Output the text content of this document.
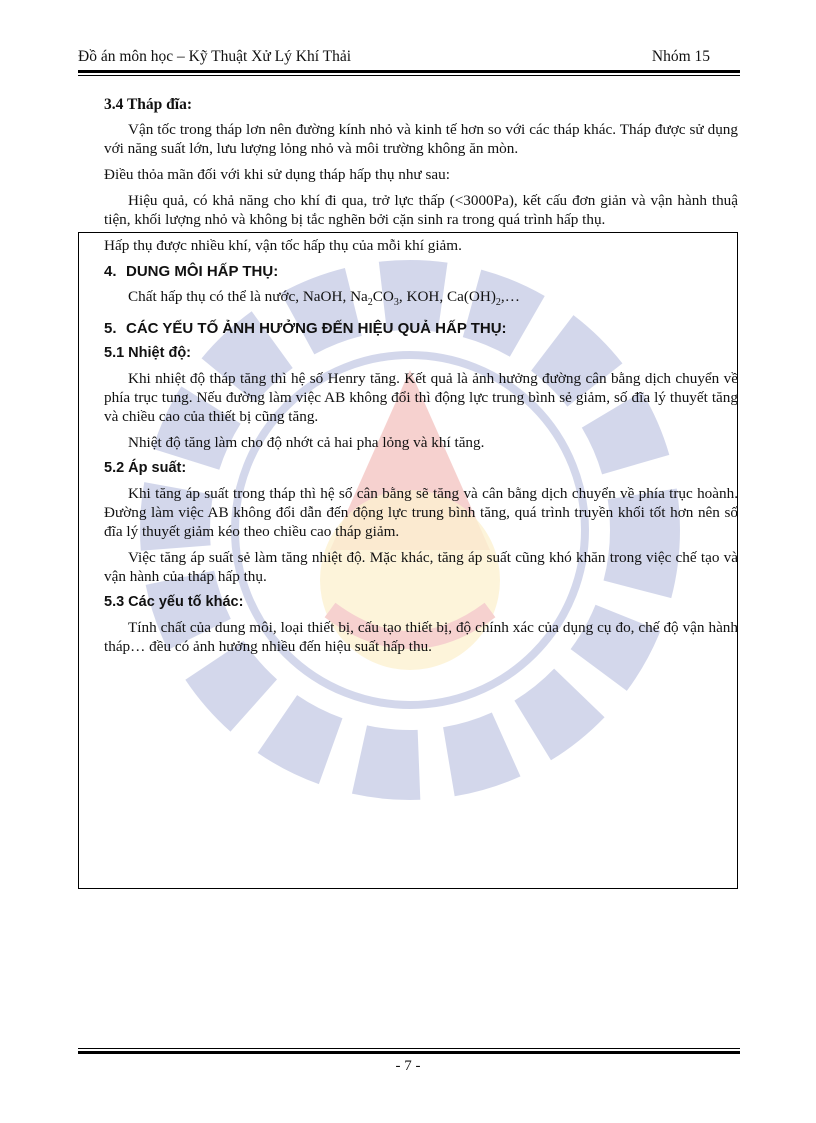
Đồ án môn học – Kỹ Thuật Xử Lý Khí Thải	Nhóm 15
3.4 Tháp đĩa:

Vận tốc trong tháp lơn nên đường kính nhỏ và kinh tế hơn so với các tháp khác. Tháp được sử dụng với năng suất lớn, lưu lượng lỏng nhỏ và môi trường không ăn mòn.

Điều thỏa mãn đối với khi sử dụng tháp hấp thụ như sau:

Hiệu quả, có khả năng cho khí đi qua, trở lực thấp (<3000Pa), kết cấu đơn giản và vận hành thuậ tiện, khối lượng nhỏ và không bị tắc nghẽn bởi cặn sinh ra trong quá trình hấp thụ.

Hấp thụ được nhiều khí, vận tốc hấp thụ của mỗi khí giảm.

4. DUNG MÔI HẤP THỤ:

Chất hấp thụ có thể là nước, NaOH, $Na_2CO_3$, KOH, $Ca(OH)_2,\dots$

5. CÁC YẾU TỐ ẢNH HƯỞNG ĐẾN HIỆU QUẢ HẤP THỤ:
5.1 Nhiệt độ:

Khi nhiệt độ tháp tăng thì hệ số Henry tăng. Kết quả là ảnh hưởng đường cân bằng dịch chuyển về phía trục tung. Nếu đường làm việc AB không đổi thì động lực trung bình sẻ giảm, số đĩa lý thuyết tăng và chiều cao của thiết bị cũng tăng.

Nhiệt độ tăng làm cho độ nhớt cả hai pha lỏng và khí tăng.

5.2 Áp suất:

Khi tăng áp suất trong tháp thì hệ số cân bằng sẽ tăng và cân bằng dịch chuyển về phía trục hoành. Đường làm việc AB không đổi dẫn đến động lực trung bình tăng, quá trình truyền khối tốt hơn nên số đĩa lý thuyết giảm kéo theo chiều cao tháp giảm.

Việc tăng áp suất sẻ làm tăng nhiệt độ. Mặc khác, tăng áp suất cũng khó khăn trong việc chế tạo và vận hành của tháp hấp thụ.

5.3 Các yếu tố khác:

Tính chất của dung môi, loại thiết bị, cấu tạo thiết bị, độ chính xác của dụng cụ đo, chế độ vận hành tháp… đều có ảnh hưởng nhiều đến hiệu suất hấp thu.

- 7 -
